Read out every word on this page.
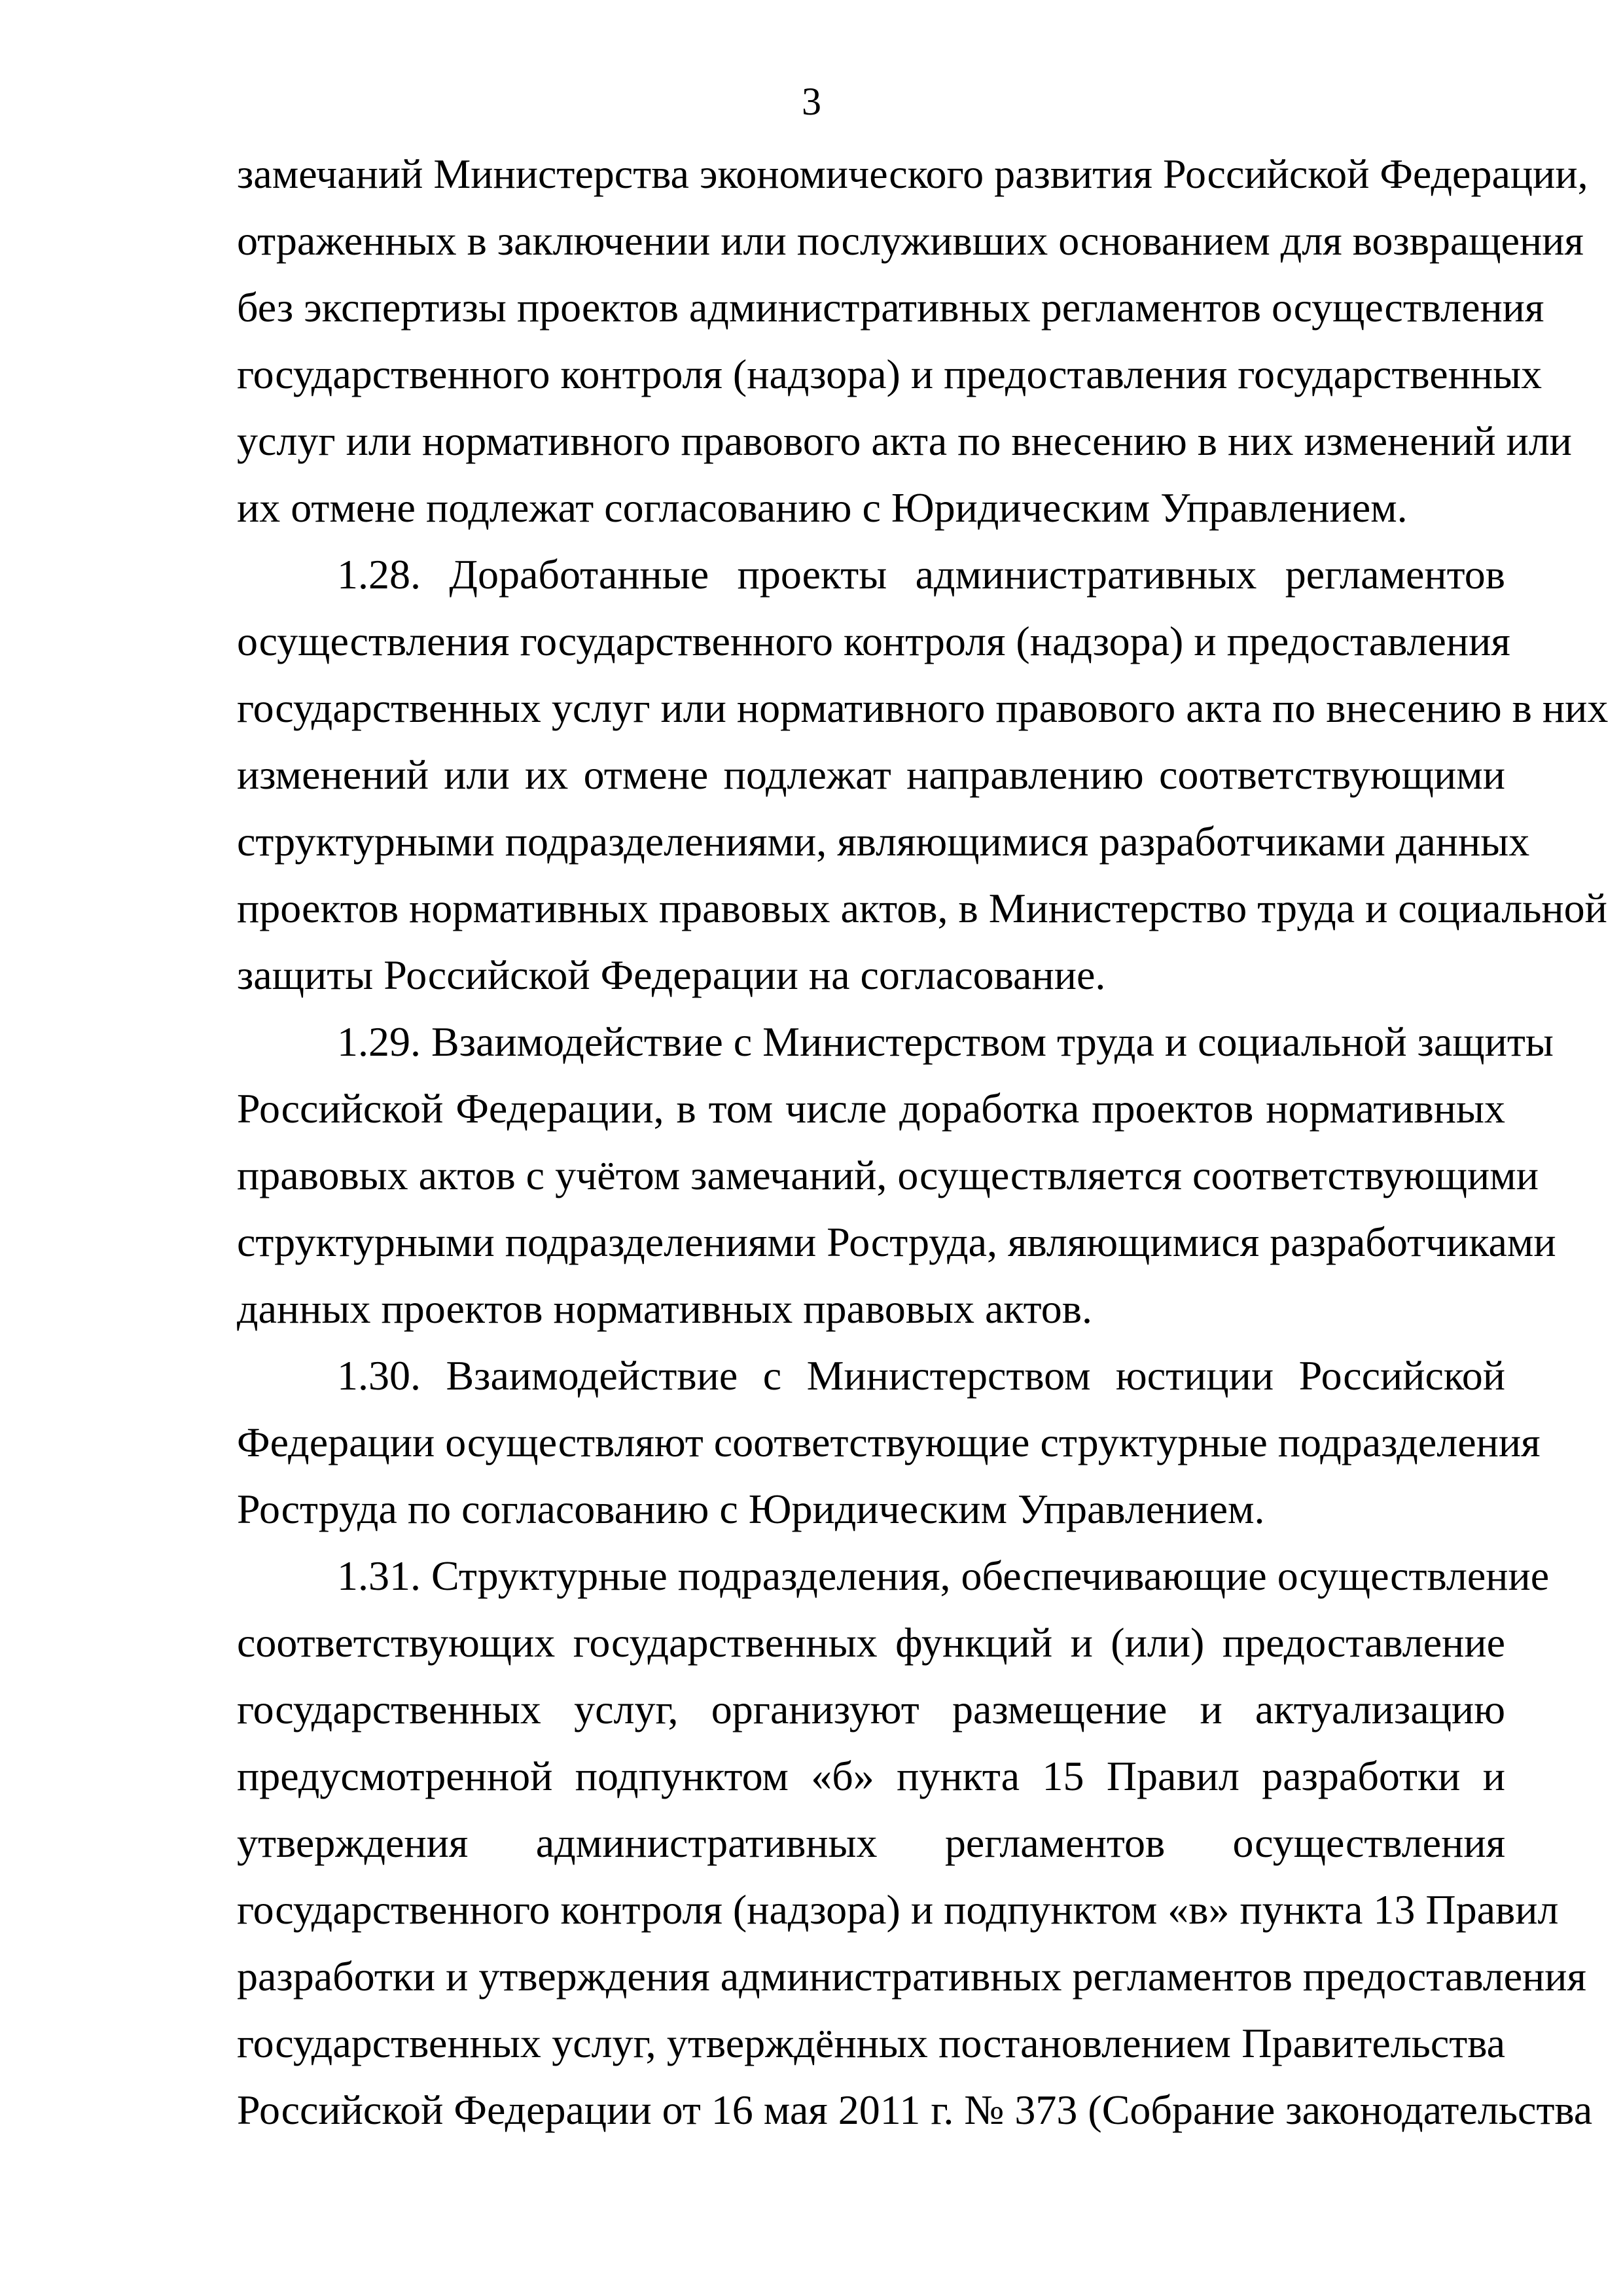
3
замечаний Министерства экономического развития Российской Федерации,
отраженных в заключении или послуживших основанием для возвращения
без экспертизы проектов административных регламентов осуществления
государственного контроля (надзора) и предоставления государственных
услуг или нормативного правового акта по внесению в них изменений или
их отмене подлежат согласованию с Юридическим Управлением.
1.28. Доработанные проекты административных регламентов
осуществления государственного контроля (надзора) и предоставления
государственных услуг или нормативного правового акта по внесению в них
изменений или их отмене подлежат направлению соответствующими
структурными подразделениями, являющимися разработчиками данных
проектов нормативных правовых актов, в Министерство труда и социальной
защиты Российской Федерации на согласование.
1.29. Взаимодействие с Министерством труда и социальной защиты
Российской Федерации, в том числе доработка проектов нормативных
правовых актов с учётом замечаний, осуществляется соответствующими
структурными подразделениями Роструда, являющимися разработчиками
данных проектов нормативных правовых актов.
1.30. Взаимодействие с Министерством юстиции Российской
Федерации осуществляют соответствующие структурные подразделения
Роструда по согласованию с Юридическим Управлением.
1.31. Структурные подразделения, обеспечивающие осуществление
соответствующих государственных функций и (или) предоставление
государственных услуг, организуют размещение и актуализацию
предусмотренной подпунктом «б» пункта 15 Правил разработки и
утверждения административных регламентов осуществления
государственного контроля (надзора) и подпунктом «в» пункта 13 Правил
разработки и утверждения административных регламентов предоставления
государственных услуг, утверждённых постановлением Правительства
Российской Федерации от 16 мая 2011 г. № 373 (Собрание законодательства
